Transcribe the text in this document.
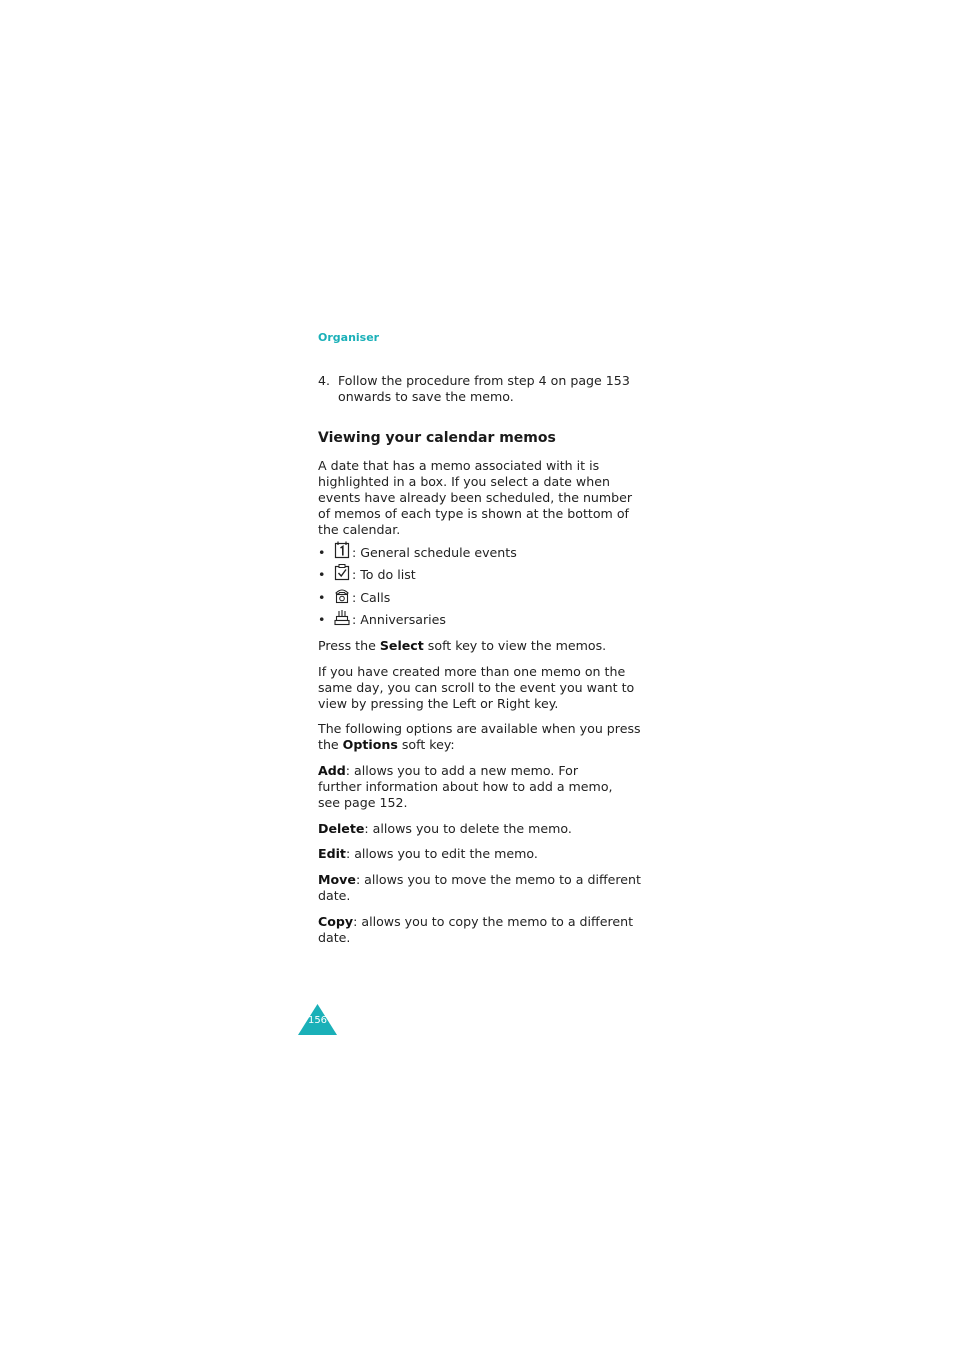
Organiser
4. Follow the procedure from step 4 on page 153 onwards to save the memo.
Viewing your calendar memos

A date that has a memo associated with it is highlighted in a box. If you select a date when events have already been scheduled, the number of memos of each type is shown at the bottom of the calendar.

• : General schedule events
• : To do list
• : Calls
• : Anniversaries

Press the Select soft key to view the memos.

If you have created more than one memo on the same day, you can scroll to the event you want to view by pressing the Left or Right key.

The following options are available when you press the Options soft key:

Add: allows you to add a new memo. For further information about how to add a memo, see page 152.

Delete: allows you to delete the memo.

Edit: allows you to edit the memo.

Move: allows you to move the memo to a different date.

Copy: allows you to copy the memo to a different date.

156
